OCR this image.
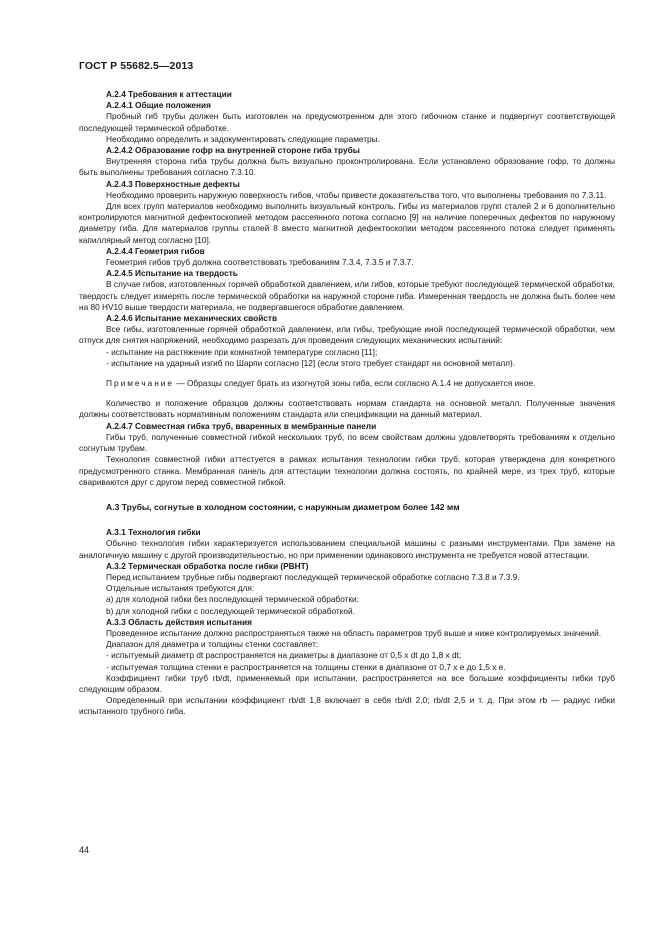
ГОСТ Р 55682.5—2013
А.2.4 Требования к аттестации
А.2.4.1 Общие положения
Пробный гиб трубы должен быть изготовлен на предусмотренном для этого гибочном станке и подвергнут соответствующей последующей термической обработке.
Необходимо определить и задокументировать следующие параметры.
А.2.4.2 Образование гофр на внутренней стороне гиба трубы
Внутренняя сторона гиба трубы должна быть визуально проконтролирована. Если установлено образование гофр, то должны быть выполнены требования согласно 7.3.10.
А.2.4.3 Поверхностные дефекты
Необходимо проверить наружную поверхность гибов, чтобы привести доказательства того, что выполнены требования по 7.3.11.
Для всех групп материалов необходимо выполнить визуальный контроль. Гибы из материалов групп сталей 2 и 6 дополнительно контролируются магнитной дефектоскопией методом рассеянного потока согласно [9] на наличие поперечных дефектов по наружному диаметру гиба. Для материалов группы сталей 8 вместо магнитной дефектоскопии методом рассеянного потока следует применять капиллярный метод согласно [10].
А.2.4.4 Геометрия гибов
Геометрия гибов труб должна соответствовать требованиям 7.3.4, 7.3.5 и 7.3.7.
А.2.4.5 Испытание на твердость
В случае гибов, изготовленных горячей обработкой давлением, или гибов, которые требуют последующей термической обработки, твердость следует измерять после термической обработки на наружной стороне гиба. Измеренная твердость не должна быть более чем на 80 HV10 выше твердости материала, не подвергавшегося обработке давлением.
А.2.4.6 Испытание механических свойств
Все гибы, изготовленные горячей обработкой давлением, или гибы, требующие иной последующей термической обработки, чем отпуск для снятия напряжений, необходимо разрезать для проведения следующих механических испытаний:
- испытание на растяжение при комнатной температуре согласно [11];
- испытание на ударный изгиб по Шарпи согласно [12] (если этого требует стандарт на основной металл).
Примечание — Образцы следует брать из изогнутой зоны гиба, если согласно А.1.4 не допускается иное.
Количество и положение образцов должны соответствовать нормам стандарта на основной металл. Полученные значения должны соответствовать нормативным положениям стандарта или спецификации на данный материал.
А.2.4.7 Совместная гибка труб, вваренных в мембранные панели
Гибы труб, полученные совместной гибкой нескольких труб, по всем свойствам должны удовлетворять требованиям к отдельно согнутым трубам.
Технология совместной гибки аттестуется в рамках испытания технологии гибки труб, которая утверждена для конкретного предусмотренного станка. Мембранная панель для аттестации технологии должна состоять, по крайней мере, из трех труб, которые свариваются друг с другом перед совместной гибкой.
А.3 Трубы, согнутые в холодном состоянии, с наружным диаметром более 142 мм
А.3.1 Технология гибки
Обычно технология гибки характеризуется использованием специальной машины с разными инструментами. При замене на аналогичную машину с другой производительностью, но при применении одинакового инструмента не требуется новой аттестации.
А.3.2 Термическая обработка после гибки (PBHT)
Перед испытанием трубные гибы подвергают последующей термической обработке согласно 7.3.8 и 7.3.9.
Отдельные испытания требуются для:
а) для холодной гибки без последующей термической обработки;
b) для холодной гибки с последующей термической обработкой.
А.3.3 Область действия испытания
Проведенное испытание должно распространяться также на область параметров труб выше и ниже контролируемых значений.
Диапазон для диаметра и толщины стенки составляет:
- испытуемый диаметр dt распространяется на диаметры в диапазоне от 0,5 x dt до 1,8 x dt;
- испытуемая толщина стенки e распространяется на толщины стенки в диапазоне от 0,7 x e до 1,5 x e.
Коэффициент гибки труб rb/dt, применяемый при испытании, распространяется на все большие коэффициенты гибки труб следующим образом.
Определенный при испытании коэффициент rb/dt 1,8 включает в себя rb/dt 2,0; rb/dt 2,5 и т. д. При этом rb — радиус гибки испытанного трубного гиба.
44
